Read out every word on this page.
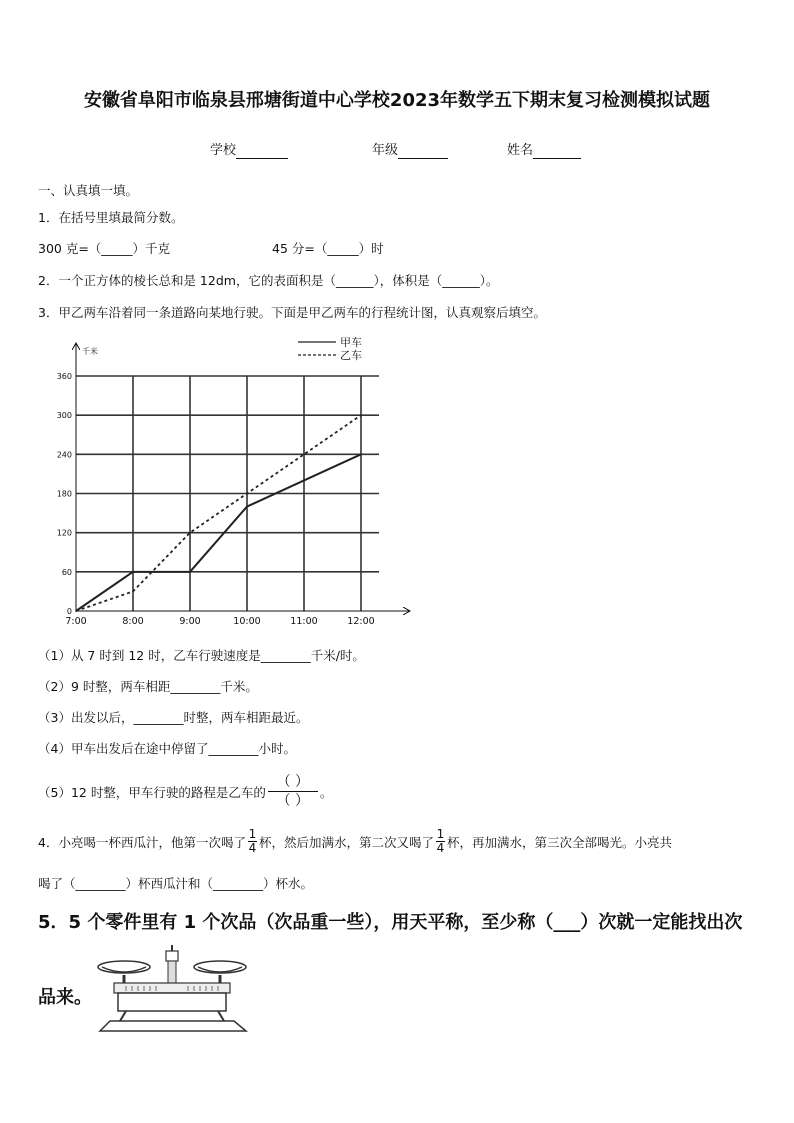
安徽省阜阳市临泉县邢塘街道中心学校2023年数学五下期末复习检测模拟试题
学校	年级	姓名
一、认真填一填。
1．在括号里填最简分数。
300 克=（_____）千克	45 分=（_____）时
2．一个正方体的棱长总和是 12dm，它的表面积是（______），体积是（______）。
3．甲乙两车沿着同一条道路向某地行驶。下面是甲乙两车的行程统计图，认真观察后填空。
千米
0
60
120
180
240
300
360
7:00	8:00	9:00	10:00	11:00	12:00
甲车
乙车
（1）从 7 时到 12 时，乙车行驶速度是________千米/时。
（2）9 时整，两车相距________千米。
（3）出发以后，________时整，两车相距最近。
（4）甲车出发后在途中停留了________小时。
（5）12 时整，甲车行驶的路程是乙车的 $\frac{( )}{( )}$ 。
4．小亮喝一杯西瓜汁，他第一次喝了 $\frac{1}{4}$ 杯，然后加满水，第二次又喝了 $\frac{1}{4}$ 杯，再加满水，第三次全部喝光。小亮共
喝了（________）杯西瓜汁和（________）杯水。
5．5 个零件里有 1 个次品（次品重一些），用天平称，至少称（___）次就一定能找出次
品来。
